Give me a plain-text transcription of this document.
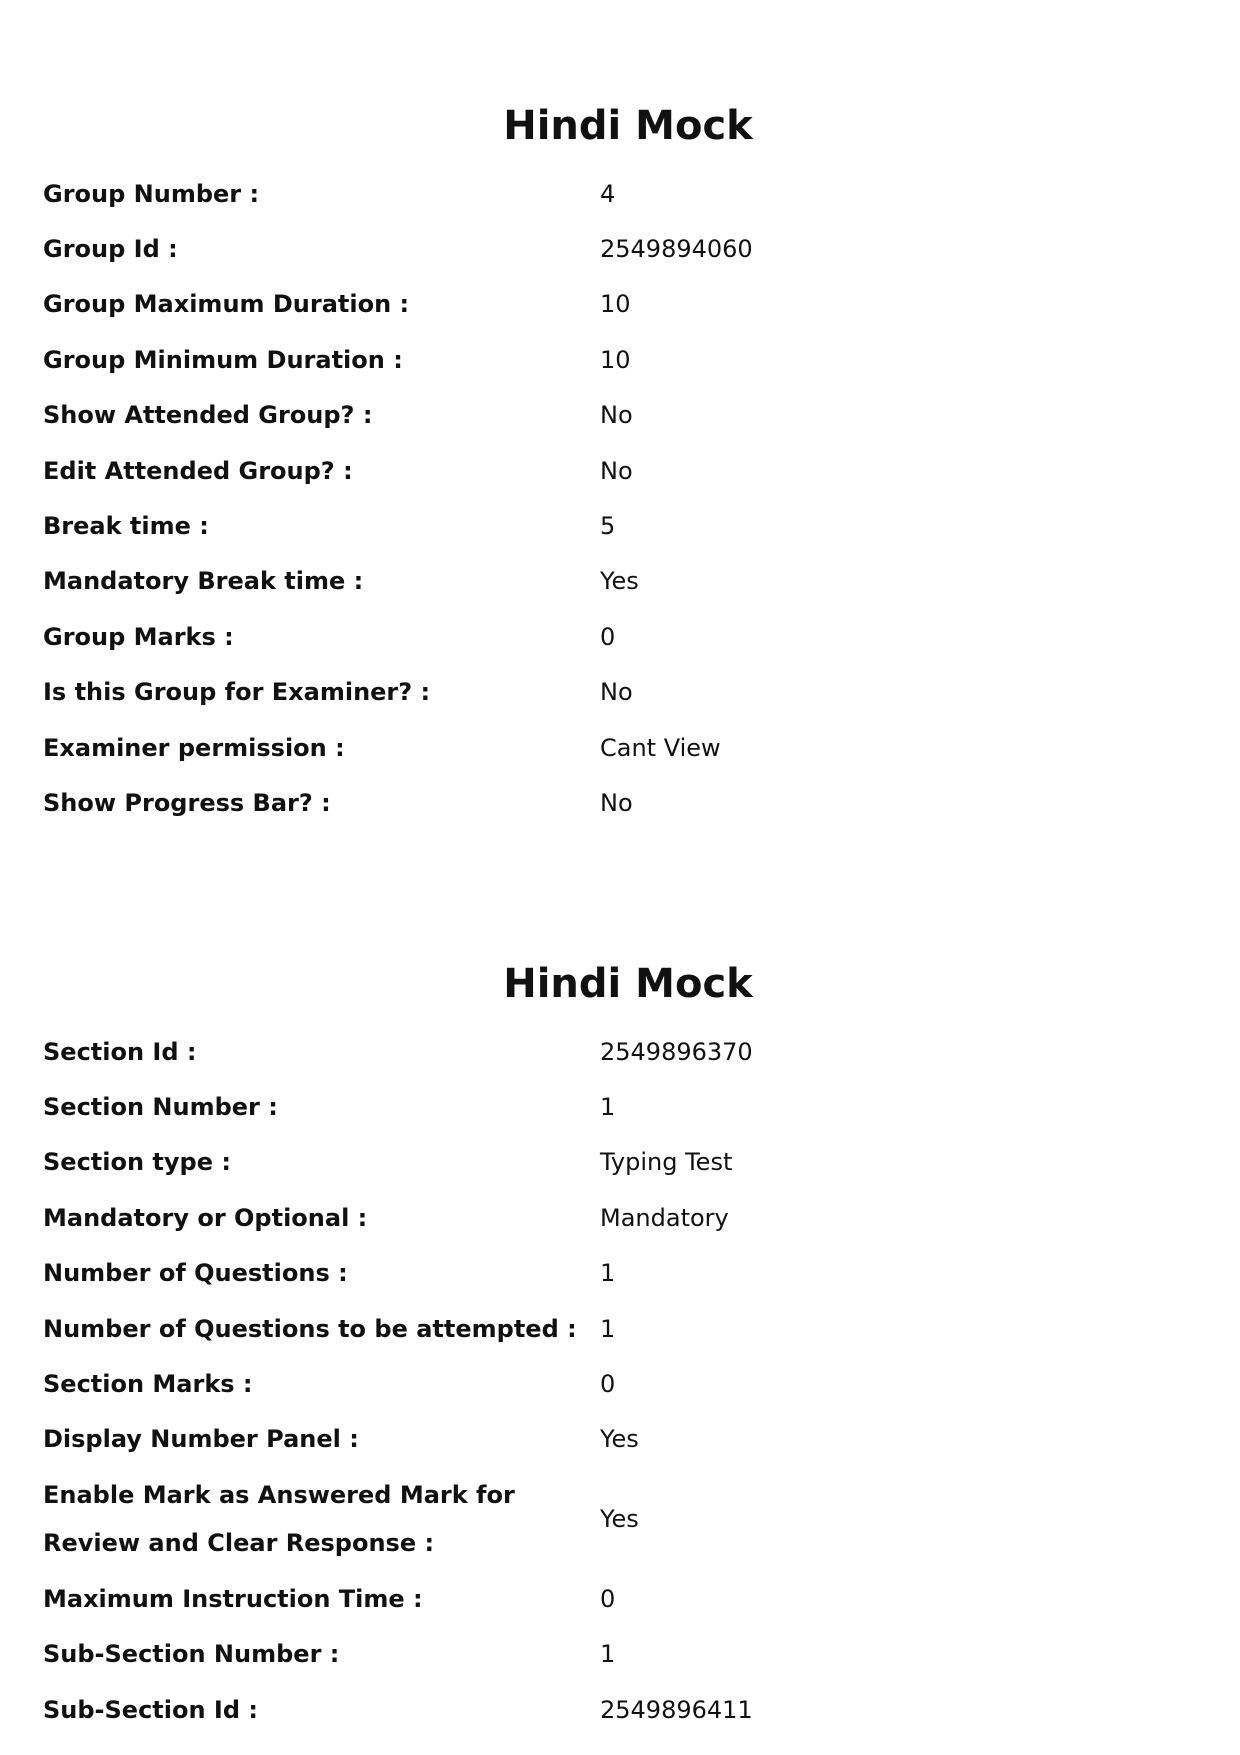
Hindi Mock
Group Number :	4
Group Id :	2549894060
Group Maximum Duration :	10
Group Minimum Duration :	10
Show Attended Group? :	No
Edit Attended Group? :	No
Break time :	5
Mandatory Break time :	Yes
Group Marks :	0
Is this Group for Examiner? :	No
Examiner permission :	Cant View
Show Progress Bar? :	No
Hindi Mock
Section Id :	2549896370
Section Number :	1
Section type :	Typing Test
Mandatory or Optional :	Mandatory
Number of Questions :	1
Number of Questions to be attempted : 1
Section Marks :	0
Display Number Panel :	Yes
Enable Mark as Answered Mark for Review and Clear Response :
Yes
Maximum Instruction Time :	0
Sub-Section Number :	1
Sub-Section Id :	2549896411
